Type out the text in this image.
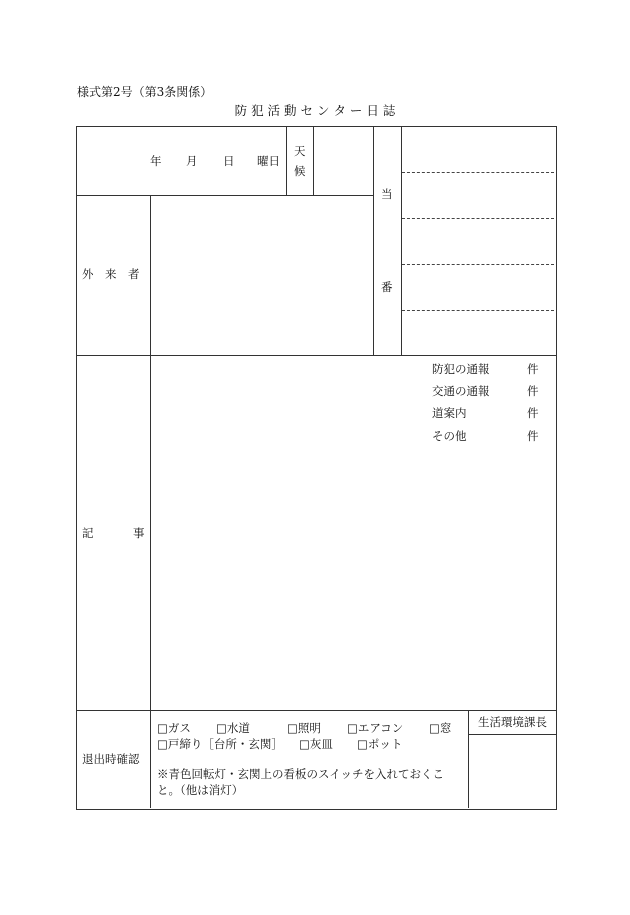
様式第2号（第3条関係）
防 犯 活 動 セ ン タ ー 日 誌
年 月 日 曜日
天
候
当
番
外　来　者
記	事
防犯の通報	件
交通の通報	件
道案内	件
その他	件
退出時確認
□ガス □水道	□照明 □エアコン □窓
□戸締り［台所・玄関］ □灰皿 □ポット
※青色回転灯・玄関上の看板のスイッチを入れておくこ
と。（他は消灯）
生活環境課長
